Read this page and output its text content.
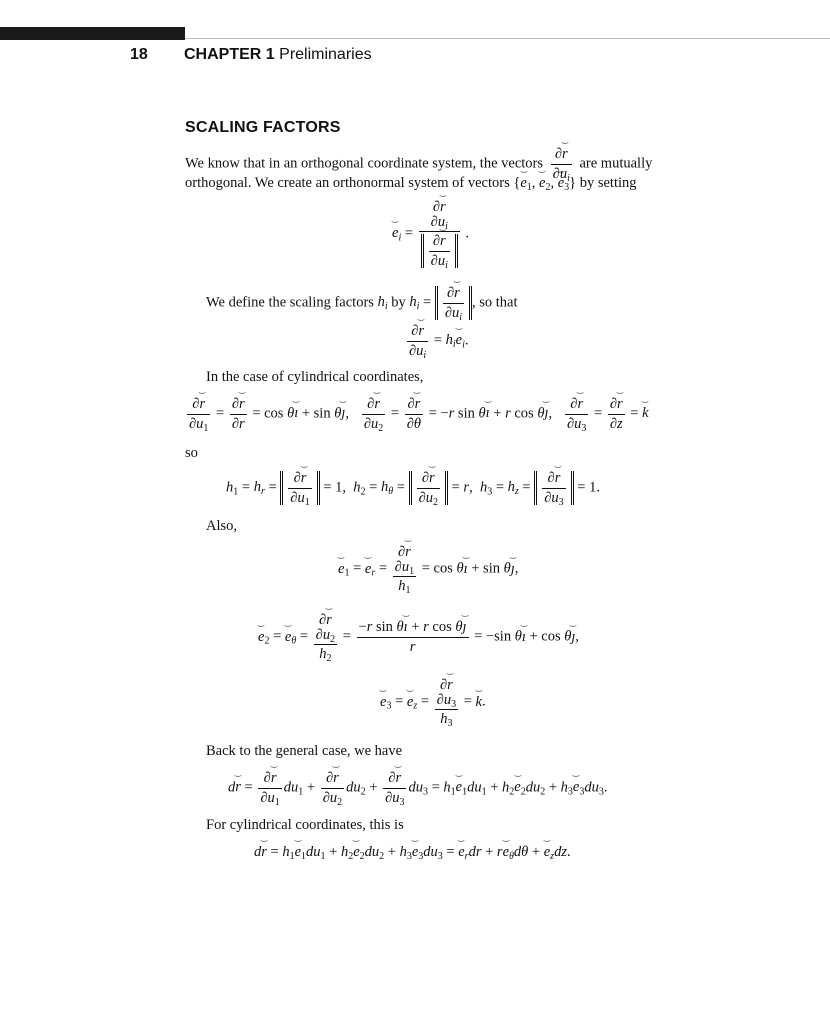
18 CHAPTER 1 Preliminaries
SCALING FACTORS
We know that in an orthogonal coordinate system, the vectors $\frac{\partial⌢ r}{\partial u_i}$ are mutually
orthogonal. We create an orthonormal system of vectors {⌢ $e_1$, ⌢ $e_2$, ⌢ $e_3$} by setting
⌢ $e_i$ =
∂⌢ r
$\partial u_i$
$\frac{\partial⌢ r}{\partial u_i}$
.
We define the scaling factors $h_i$ by $h_i = \frac{\partial⌢ r}{\partial u_i}$ , so that
$\frac{\partial⌢ r}{\partial u_i}$ = $h_i⌢$ $e_i$.
In the case of cylindrical coordinates,
$\frac{\partial⌢ r}{\partial u_1} = \frac{\partial⌢ r}{\partial r} = \cos$ θ⌢ ı + sin θ⌢ ȷ, $\frac{\partial⌢ r}{\partial u_2} = \frac{\partial⌢ r}{\partial\theta} = -r$ sin θ⌢ ı + r cos θ⌢ ȷ, $\frac{\partial⌢ r}{\partial u_3} = \frac{\partial⌢ r}{\partial z}$ = ⌢ k
so
$h_1 = h_r = \frac{\partial⌢ r}{\partial u_1} = 1$,  $h_2 = h_\theta = \frac{\partial⌢ r}{\partial u_2} = r$,  $h_3 = h_z = \frac{\partial⌢ r}{\partial u_3} = 1$.
Also,
⌢ $e_1$ = ⌢ $e_r$ =
∂⌢ r
$\partial u_1$
$h_1$
= cos θ⌢ ı + sin θ⌢ ȷ,
⌢ $e_2$ = ⌢ $e_\theta$ =
∂⌢ r
$\partial u_2$
$h_2$
= $\frac{\text{−r sin θ⌢ ı + r cos θ⌢ ȷ}}{r} = -\sin$ θ⌢ ı + cos θ⌢ ȷ,
⌢ $e_3$ = ⌢ $e_z$ =
∂⌢ r
$\partial u_3$
$h_3$
= ⌢ k.
Back to the general case, we have
d⌢ $r = \frac{\partial⌢ r}{\partial u_1} du_1 + \frac{\partial⌢ r}{\partial u_2} du_2 + \frac{\partial⌢ r}{\partial u_3} du_3$ = $h_1⌢$ $e_1du_1$ + $h_2⌢$ $e_2du_2$ + $h_3⌢$ $e_3du_3$.
For cylindrical coordinates, this is
d⌢ $r = h_1⌢$ $e_1du_1$ + $h_2⌢$ $e_2du_2$ + $h_3⌢$ $e_3du_3$ = ⌢ $e_rdr$ + r⌢ $e_\theta d\theta$ + ⌢ $e_zdz$.
